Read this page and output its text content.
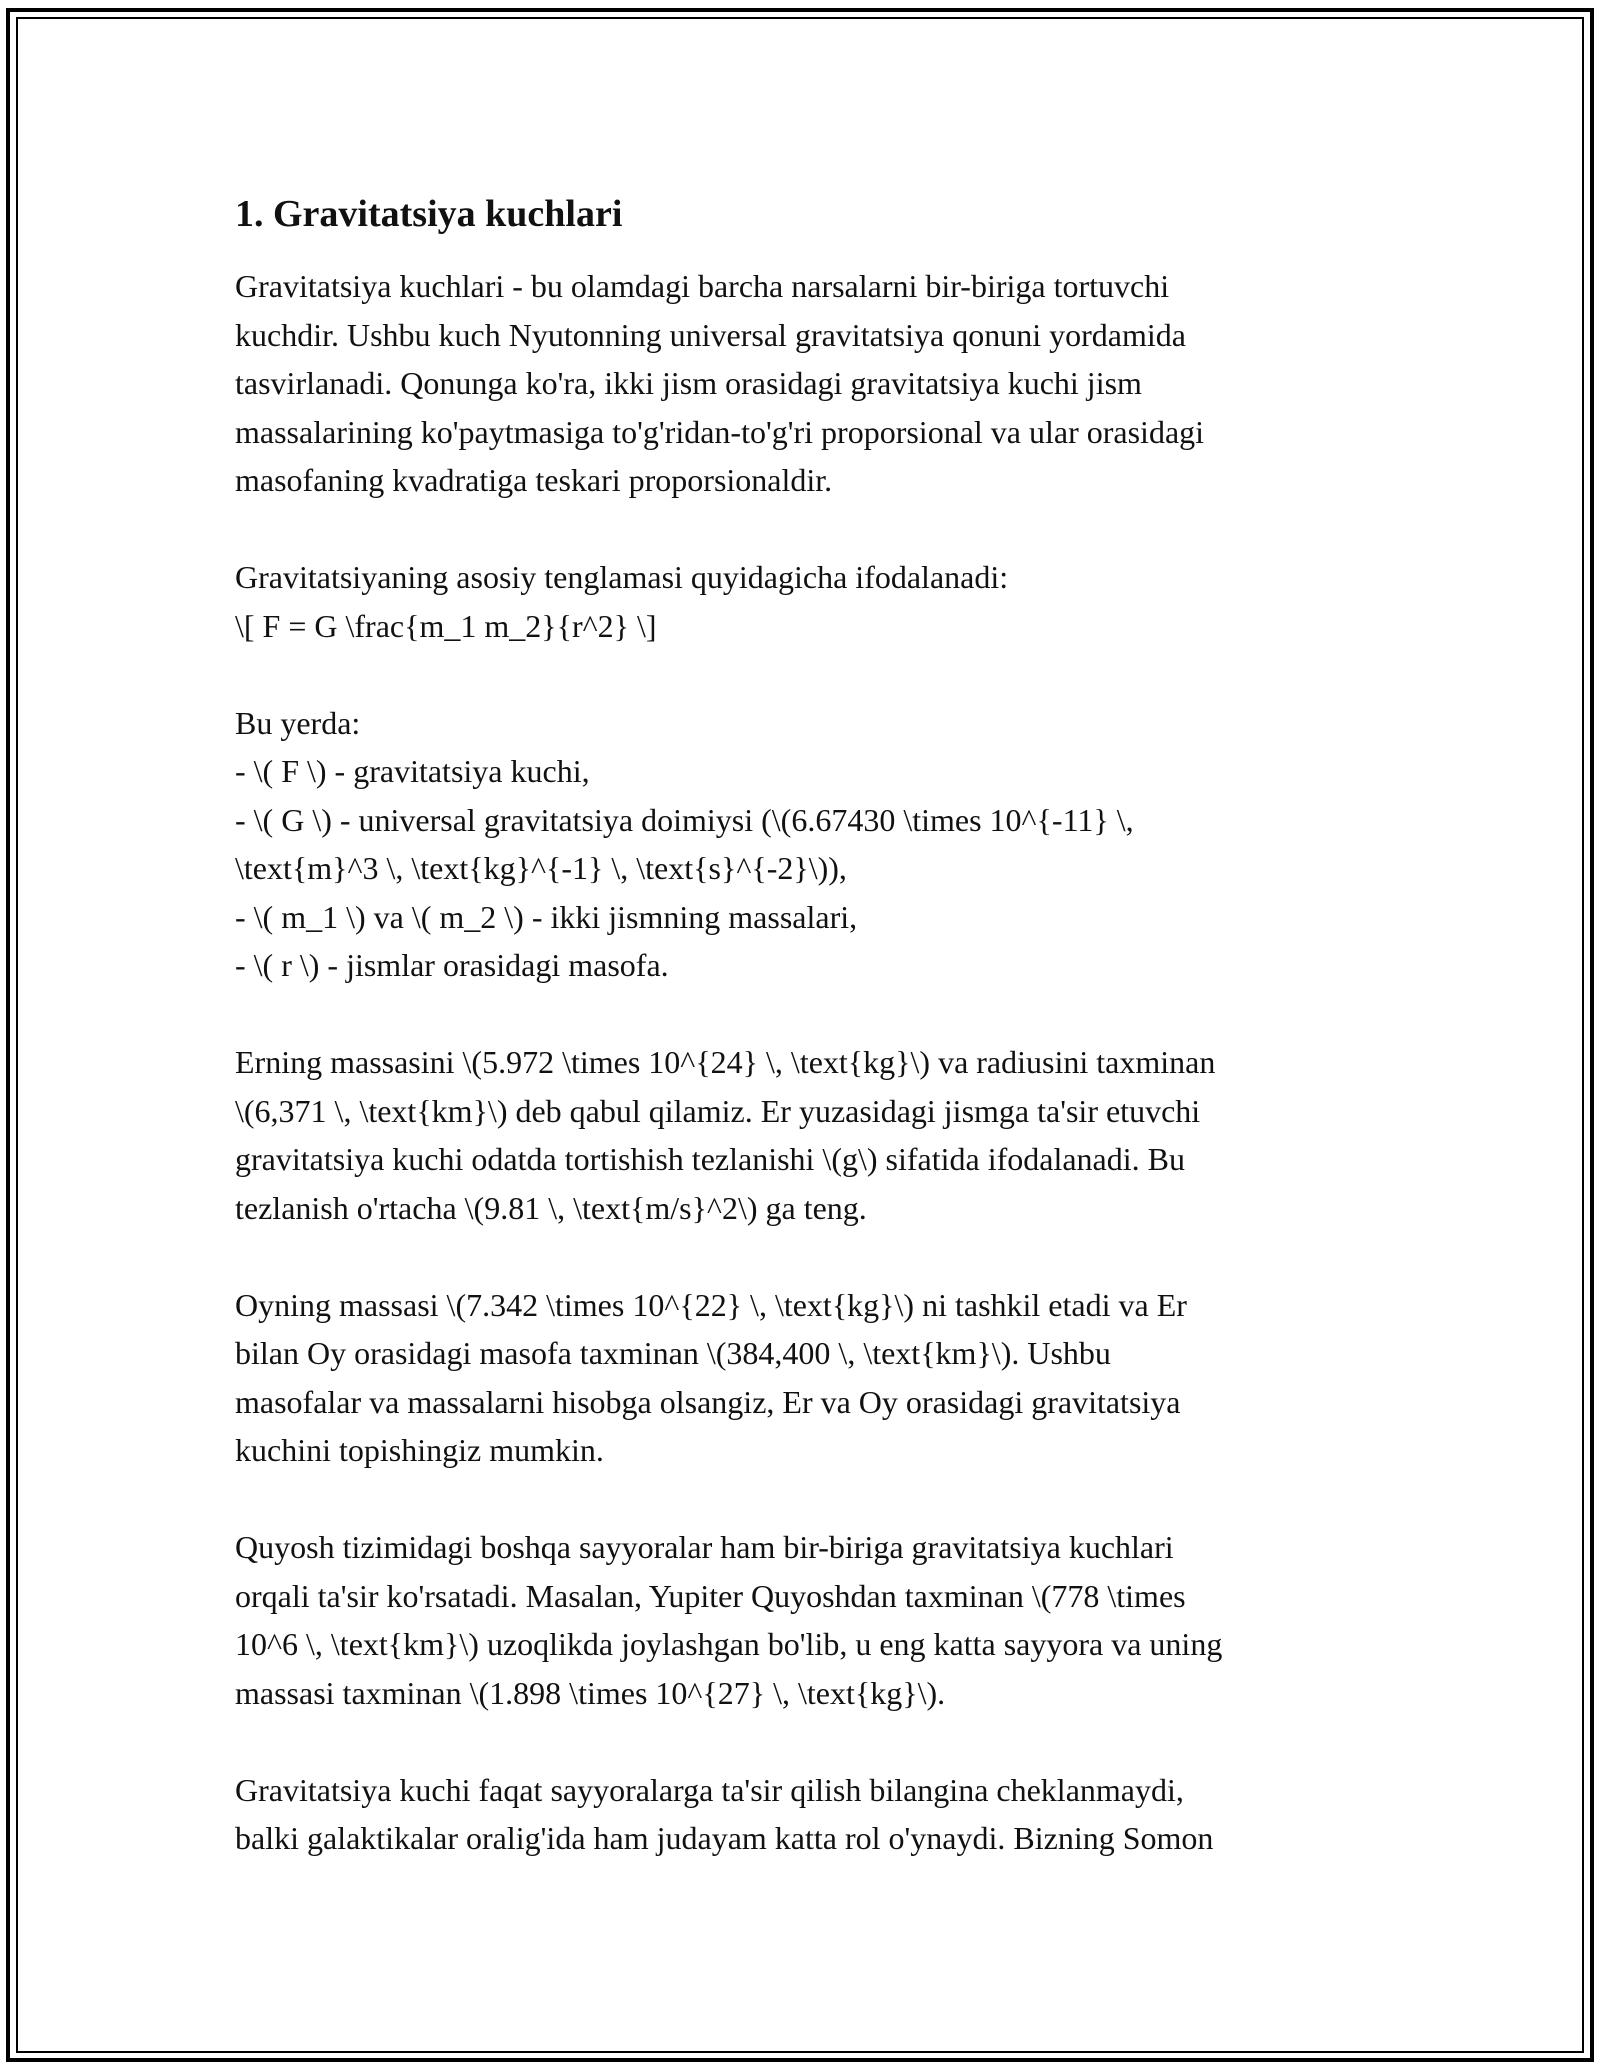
1. Gravitatsiya kuchlari
Gravitatsiya kuchlari - bu olamdagi barcha narsalarni bir-biriga tortuvchi
kuchdir. Ushbu kuch Nyutonning universal gravitatsiya qonuni yordamida
tasvirlanadi. Qonunga ko'ra, ikki jism orasidagi gravitatsiya kuchi jism
massalarining ko'paytmasiga to'g'ridan-to'g'ri proporsional va ular orasidagi
masofaning kvadratiga teskari proporsionaldir.
Gravitatsiyaning asosiy tenglamasi quyidagicha ifodalanadi:
\[ F = G \frac{m_1 m_2}{r^2} \]
Bu yerda:
- \( F \) - gravitatsiya kuchi,
- \( G \) - universal gravitatsiya doimiysi (\(6.67430 \times 10^{-11} \,
\text{m}^3 \, \text{kg}^{-1} \, \text{s}^{-2}\)),
- \( m_1 \) va \( m_2 \) - ikki jismning massalari,
- \( r \) - jismlar orasidagi masofa.
Erning massasini \(5.972 \times 10^{24} \, \text{kg}\) va radiusini taxminan
\(6,371 \, \text{km}\) deb qabul qilamiz. Er yuzasidagi jismga ta'sir etuvchi
gravitatsiya kuchi odatda tortishish tezlanishi \(g\) sifatida ifodalanadi. Bu
tezlanish o'rtacha \(9.81 \, \text{m/s}^2\) ga teng.
Oyning massasi \(7.342 \times 10^{22} \, \text{kg}\) ni tashkil etadi va Er
bilan Oy orasidagi masofa taxminan \(384,400 \, \text{km}\). Ushbu
masofalar va massalarni hisobga olsangiz, Er va Oy orasidagi gravitatsiya
kuchini topishingiz mumkin.
Quyosh tizimidagi boshqa sayyoralar ham bir-biriga gravitatsiya kuchlari
orqali ta'sir ko'rsatadi. Masalan, Yupiter Quyoshdan taxminan \(778 \times
10^6 \, \text{km}\) uzoqlikda joylashgan bo'lib, u eng katta sayyora va uning
massasi taxminan \(1.898 \times 10^{27} \, \text{kg}\).
Gravitatsiya kuchi faqat sayyoralarga ta'sir qilish bilangina cheklanmaydi,
balki galaktikalar oralig'ida ham judayam katta rol o'ynaydi. Bizning Somon
